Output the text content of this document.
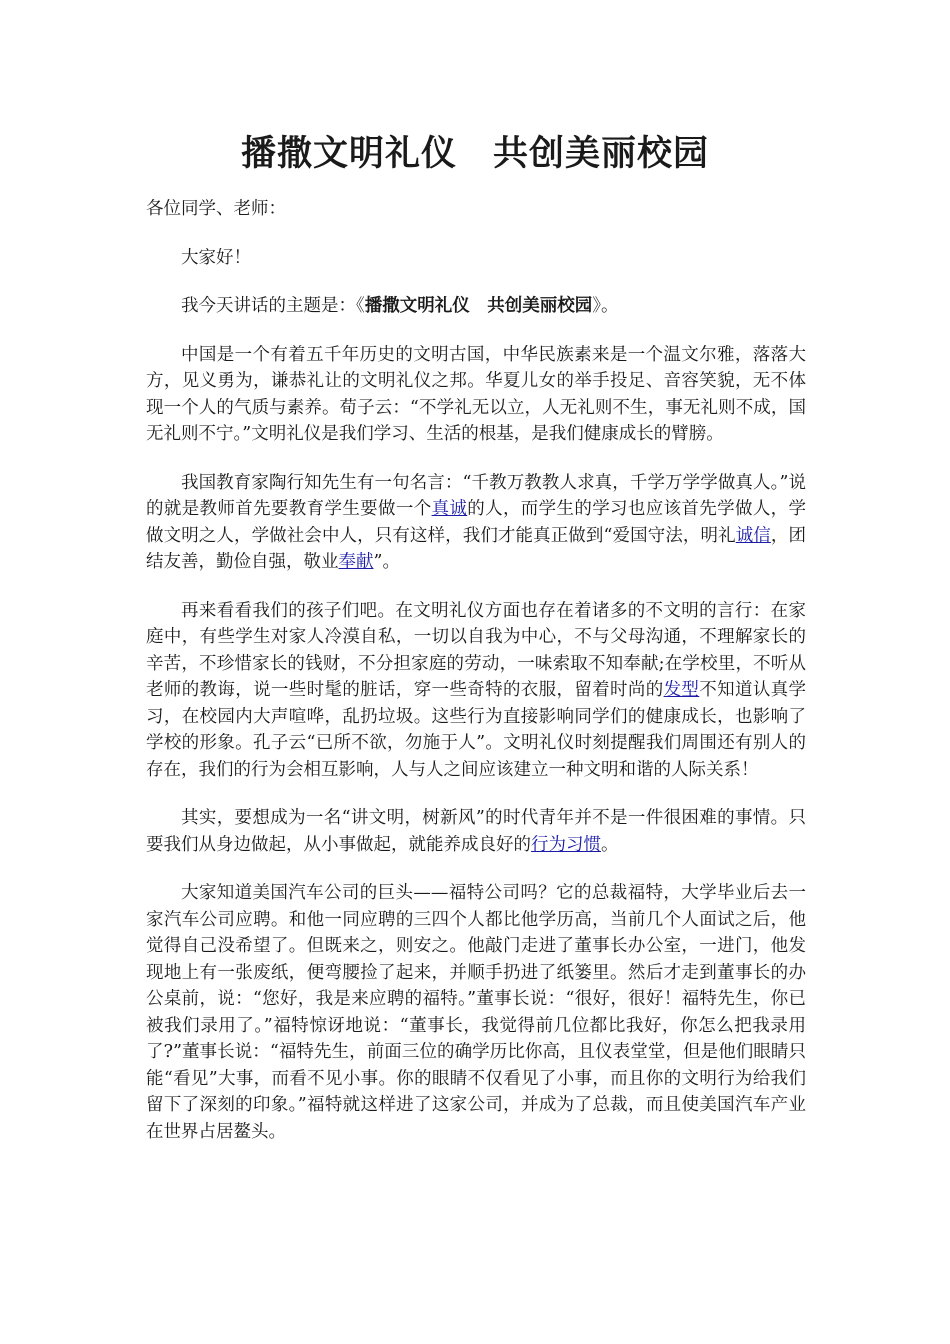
播撒文明礼仪　共创美丽校园

各位同学、老师：

大家好！

我今天讲话的主题是：《播撒文明礼仪　共创美丽校园》。

中国是一个有着五千年历史的文明古国，中华民族素来是一个温文尔雅，落落大方，见义勇为，谦恭礼让的文明礼仪之邦。华夏儿女的举手投足、音容笑貌，无不体现一个人的气质与素养。荀子云：“不学礼无以立，人无礼则不生，事无礼则不成，国无礼则不宁。”文明礼仪是我们学习、生活的根基，是我们健康成长的臂膀。

我国教育家陶行知先生有一句名言：“千教万教教人求真，千学万学学做真人。”说的就是教师首先要教育学生要做一个真诚的人，而学生的学习也应该首先学做人，学做文明之人，学做社会中人，只有这样，我们才能真正做到“爱国守法，明礼诚信，团结友善，勤俭自强，敬业奉献”。

再来看看我们的孩子们吧。在文明礼仪方面也存在着诸多的不文明的言行：在家庭中，有些学生对家人冷漠自私，一切以自我为中心，不与父母沟通，不理解家长的辛苦，不珍惜家长的钱财，不分担家庭的劳动，一味索取不知奉献;在学校里，不听从老师的教诲，说一些时髦的脏话，穿一些奇特的衣服，留着时尚的发型不知道认真学习，在校园内大声喧哗，乱扔垃圾。这些行为直接影响同学们的健康成长，也影响了学校的形象。孔子云“已所不欲，勿施于人”。文明礼仪时刻提醒我们周围还有别人的存在，我们的行为会相互影响，人与人之间应该建立一种文明和谐的人际关系！

其实，要想成为一名“讲文明，树新风”的时代青年并不是一件很困难的事情。只要我们从身边做起，从小事做起，就能养成良好的行为习惯。

大家知道美国汽车公司的巨头——福特公司吗？它的总裁福特，大学毕业后去一家汽车公司应聘。和他一同应聘的三四个人都比他学历高，当前几个人面试之后，他觉得自己没希望了。但既来之，则安之。他敲门走进了董事长办公室，一进门，他发现地上有一张废纸，便弯腰捡了起来，并顺手扔进了纸篓里。然后才走到董事长的办公桌前，说：“您好，我是来应聘的福特。”董事长说：“很好，很好！福特先生，你已被我们录用了。”福特惊讶地说：“董事长，我觉得前几位都比我好，你怎么把我录用了?”董事长说：“福特先生，前面三位的确学历比你高，且仪表堂堂，但是他们眼睛只能“看见”大事，而看不见小事。你的眼睛不仅看见了小事，而且你的文明行为给我们留下了深刻的印象。”福特就这样进了这家公司，并成为了总裁，而且使美国汽车产业在世界占居鳌头。
